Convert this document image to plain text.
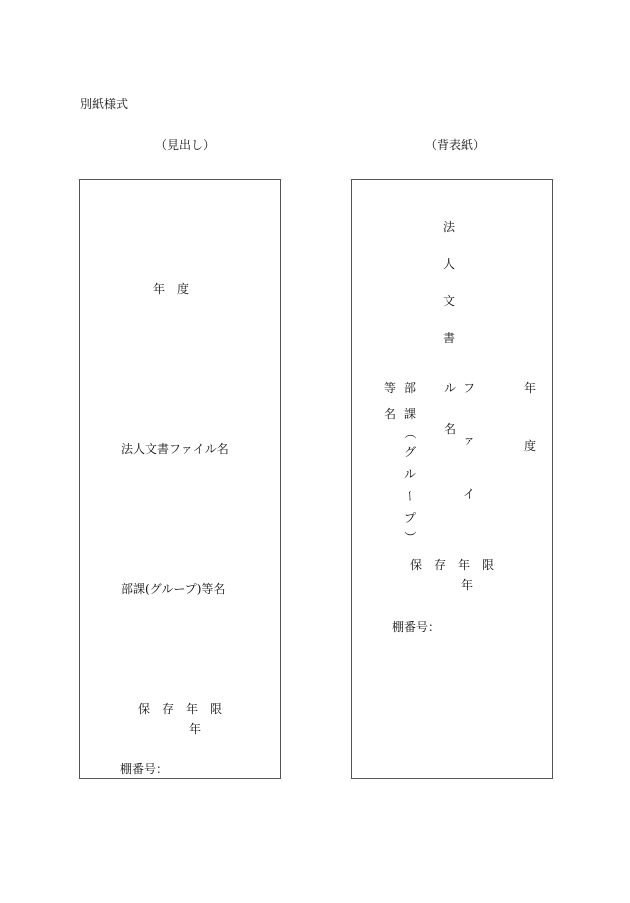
別紙様式
（見出し）	（背表紙）
年　度
法人文書ファイル名
部課(グループ)等名
保　存　年　限
年
棚番号：
法
人
文
書
等
名
部
課
（
グ
ル
ー
プ
）
ル
名
フ
ァ
イ
年
度
保　存　年　限
年
棚番号：
